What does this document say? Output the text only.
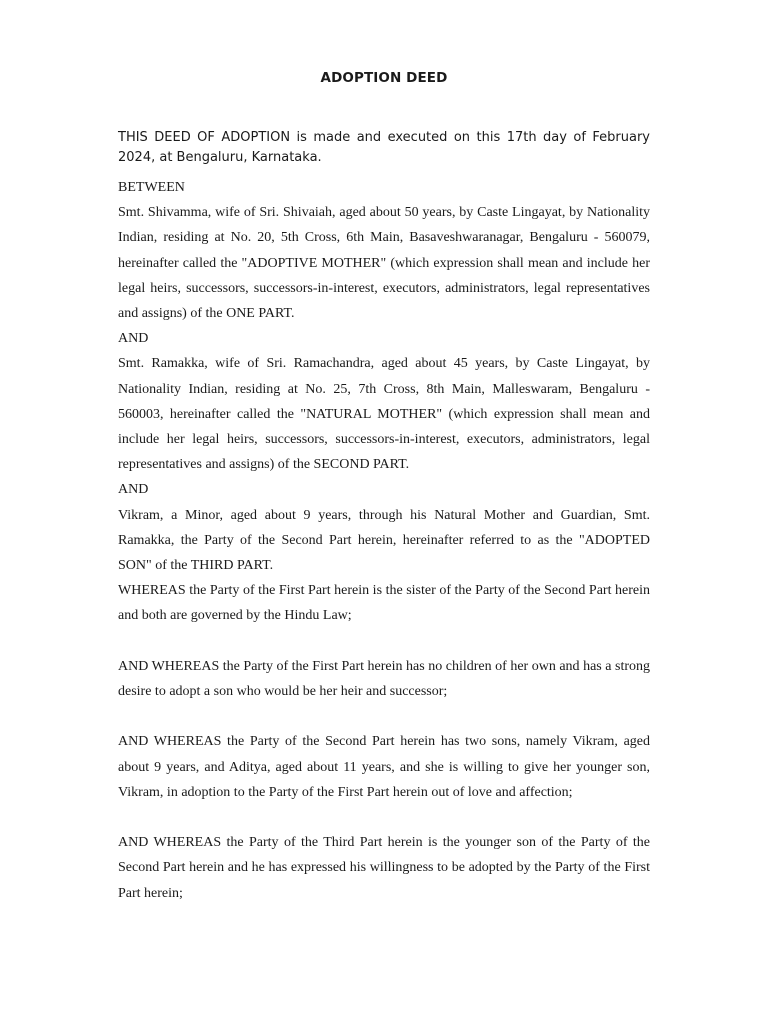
ADOPTION DEED
THIS DEED OF ADOPTION is made and executed on this 17th day of February 2024, at Bengaluru, Karnataka.

BETWEEN

Smt. Shivamma, wife of Sri. Shivaiah, aged about 50 years, by Caste Lingayat, by Nationality Indian, residing at No. 20, 5th Cross, 6th Main, Basaveshwaranagar, Bengaluru - 560079, hereinafter called the "ADOPTIVE MOTHER" (which expression shall mean and include her legal heirs, successors, successors-in-interest, executors, administrators, legal representatives and assigns) of the ONE PART.

AND

Smt. Ramakka, wife of Sri. Ramachandra, aged about 45 years, by Caste Lingayat, by Nationality Indian, residing at No. 25, 7th Cross, 8th Main, Malleswaram, Bengaluru - 560003, hereinafter called the "NATURAL MOTHER" (which expression shall mean and include her legal heirs, successors, successors-in-interest, executors, administrators, legal representatives and assigns) of the SECOND PART.

AND

Vikram, a Minor, aged about 9 years, through his Natural Mother and Guardian, Smt. Ramakka, the Party of the Second Part herein, hereinafter referred to as the "ADOPTED SON" of the THIRD PART.

WHEREAS the Party of the First Part herein is the sister of the Party of the Second Part herein and both are governed by the Hindu Law;

AND WHEREAS the Party of the First Part herein has no children of her own and has a strong desire to adopt a son who would be her heir and successor;

AND WHEREAS the Party of the Second Part herein has two sons, namely Vikram, aged about 9 years, and Aditya, aged about 11 years, and she is willing to give her younger son, Vikram, in adoption to the Party of the First Part herein out of love and affection;

AND WHEREAS the Party of the Third Part herein is the younger son of the Party of the Second Part herein and he has expressed his willingness to be adopted by the Party of the First Part herein;
